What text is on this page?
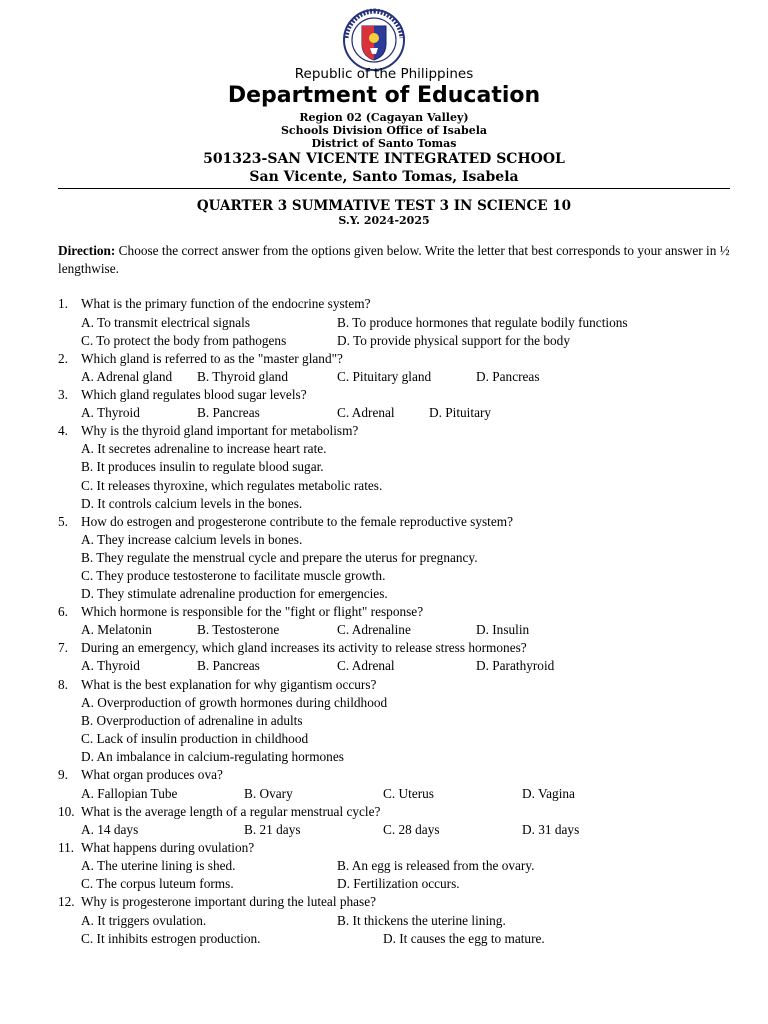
Republic of the Philippines
Department of Education
Region 02 (Cagayan Valley)
Schools Division Office of Isabela
District of Santo Tomas
501323-SAN VICENTE INTEGRATED SCHOOL
San Vicente, Santo Tomas, Isabela
QUARTER 3 SUMMATIVE TEST 3 IN SCIENCE 10
S.Y. 2024-2025
Direction: Choose the correct answer from the options given below. Write the letter that best corresponds to your answer in ½ lengthwise.
1. What is the primary function of the endocrine system?
A. To transmit electrical signals	B. To produce hormones that regulate bodily functions
C. To protect the body from pathogens	D. To provide physical support for the body
2. Which gland is referred to as the "master gland"?
A. Adrenal gland B. Thyroid gland	C. Pituitary gland	D. Pancreas
3. Which gland regulates blood sugar levels?
A. Thyroid	B. Pancreas	C. Adrenal	D. Pituitary
4. Why is the thyroid gland important for metabolism?
A. It secretes adrenaline to increase heart rate.
B. It produces insulin to regulate blood sugar.
C. It releases thyroxine, which regulates metabolic rates.
D. It controls calcium levels in the bones.
5. How do estrogen and progesterone contribute to the female reproductive system?
A. They increase calcium levels in bones.
B. They regulate the menstrual cycle and prepare the uterus for pregnancy.
C. They produce testosterone to facilitate muscle growth.
D. They stimulate adrenaline production for emergencies.
6. Which hormone is responsible for the "fight or flight" response?
A. Melatonin	B. Testosterone	C. Adrenaline	D. Insulin
7. During an emergency, which gland increases its activity to release stress hormones?
A. Thyroid	B. Pancreas	C. Adrenal	D. Parathyroid
8. What is the best explanation for why gigantism occurs?
A. Overproduction of growth hormones during childhood
B. Overproduction of adrenaline in adults
C. Lack of insulin production in childhood
D. An imbalance in calcium-regulating hormones
9. What organ produces ova?
A. Fallopian Tube	B. Ovary	C. Uterus	D. Vagina
10. What is the average length of a regular menstrual cycle?
A. 14 days	B. 21 days	C. 28 days	D. 31 days
11. What happens during ovulation?
A. The uterine lining is shed.	B. An egg is released from the ovary.
C. The corpus luteum forms.	D. Fertilization occurs.
12. Why is progesterone important during the luteal phase?
A. It triggers ovulation.	B. It thickens the uterine lining.
C. It inhibits estrogen production.	D. It causes the egg to mature.
